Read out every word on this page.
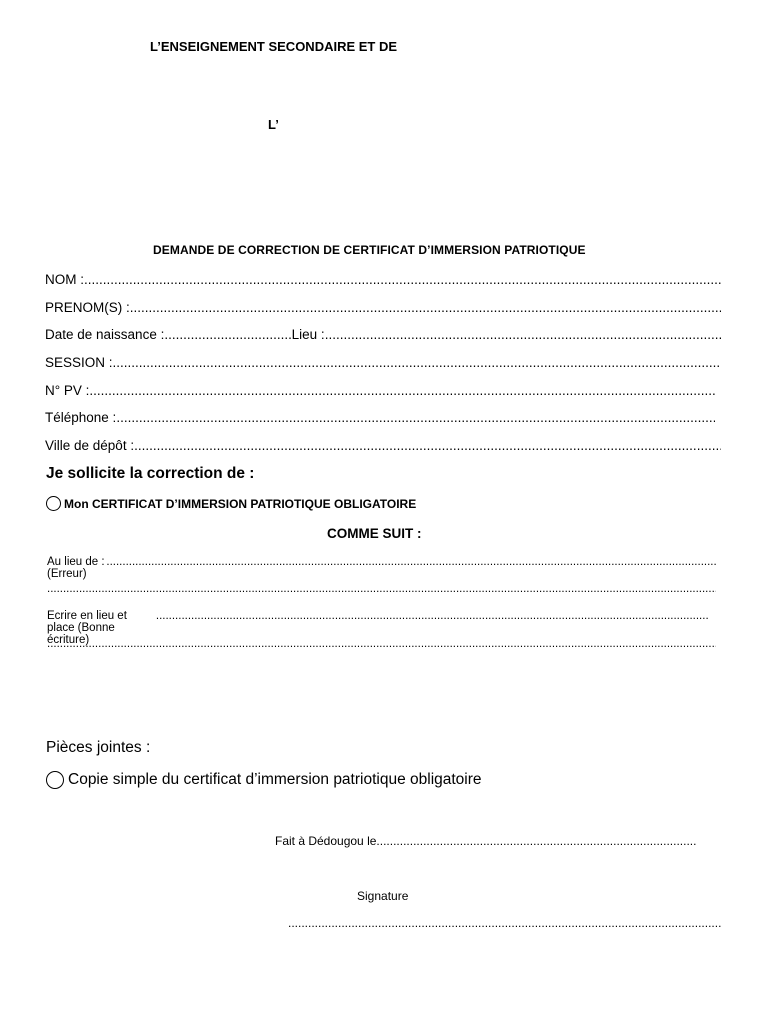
L’ENSEIGNEMENT SECONDAIRE ET DE
L’
DEMANDE DE CORRECTION DE CERTIFICAT D’IMMERSION PATRIOTIQUE
NOM :
.....
PRENOM(S) :
.....
Date de naissance :
.....	Lieu :
.....
SESSION :
.....
N° PV :
.....
Téléphone :
.....
Ville de dépôt :
.....
Je sollicite la correction de :
Mon CERTIFICAT D’IMMERSION PATRIOTIQUE OBLIGATOIRE
COMME SUIT :
Au lieu de :(Erreur)
.....
.....
Ecrire en lieu et place (Bonne écriture)
.....
.....
Pièces jointes :
Copie simple du certificat d’immersion patriotique obligatoire
Fait à Dédougou le
.....
Signature
.....
